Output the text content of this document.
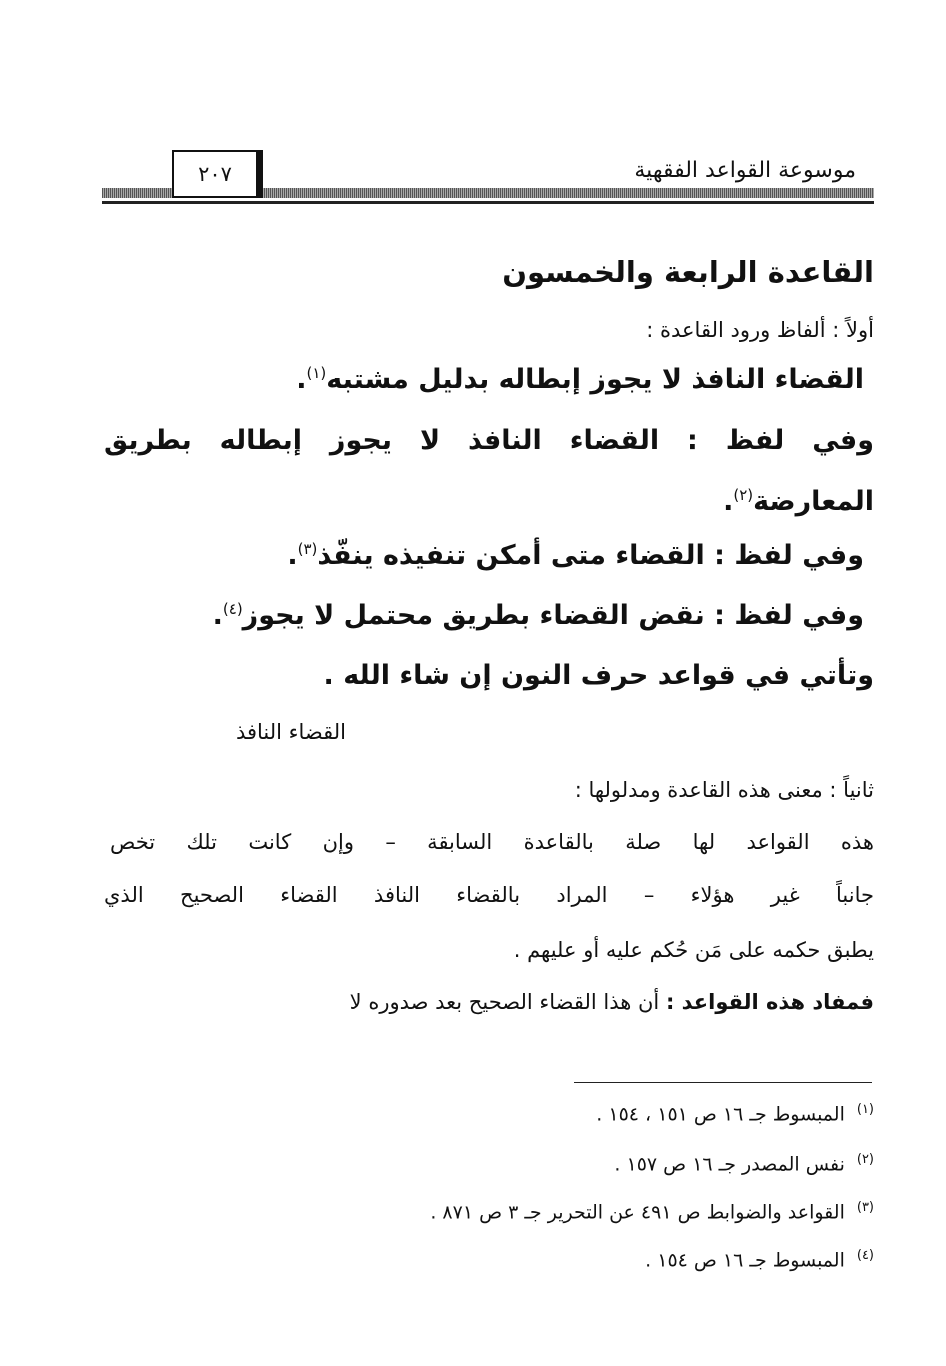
موسوعة القواعد الفقهية
٢٠٧
القاعدة الرابعة والخمسون
أولاً : ألفاظ ورود القاعدة :
القضاء النافذ لا يجوز إبطاله بدليل مشتبه$^{(١)}$.
وفي لفظ : القضاء النافذ لا يجوز إبطاله بطريق
المعارضة$^{(٢)}$.
وفي لفظ : القضاء متى أمكن تنفيذه ينفّذ$^{(٣)}$.
وفي لفظ : نقض القضاء بطريق محتمل لا يجوز$^{(٤)}$.
وتأتي في قواعد حرف النون إن شاء الله .
القضاء النافذ
ثانياً : معنى هذه القاعدة ومدلولها :
هذه القواعد لها صلة بالقاعدة السابقة – وإن كانت تلك تخص
جانباً غير هؤلاء – المراد بالقضاء النافذ القضاء الصحيح الذي
يطبق حكمه على مَن حُكم عليه أو عليهم .
فمفاد هذه القواعد : أن هذا القضاء الصحيح بعد صدوره لا
$^{(١)}$المبسوط جـ ١٦ ص ١٥١ ، ١٥٤ .
$^{(٢)}$نفس المصدر جـ ١٦ ص ١٥٧ .
$^{(٣)}$القواعد والضوابط ص ٤٩١ عن التحرير جـ ٣ ص ٨٧١ .
$^{(٤)}$المبسوط جـ ١٦ ص ١٥٤ .
